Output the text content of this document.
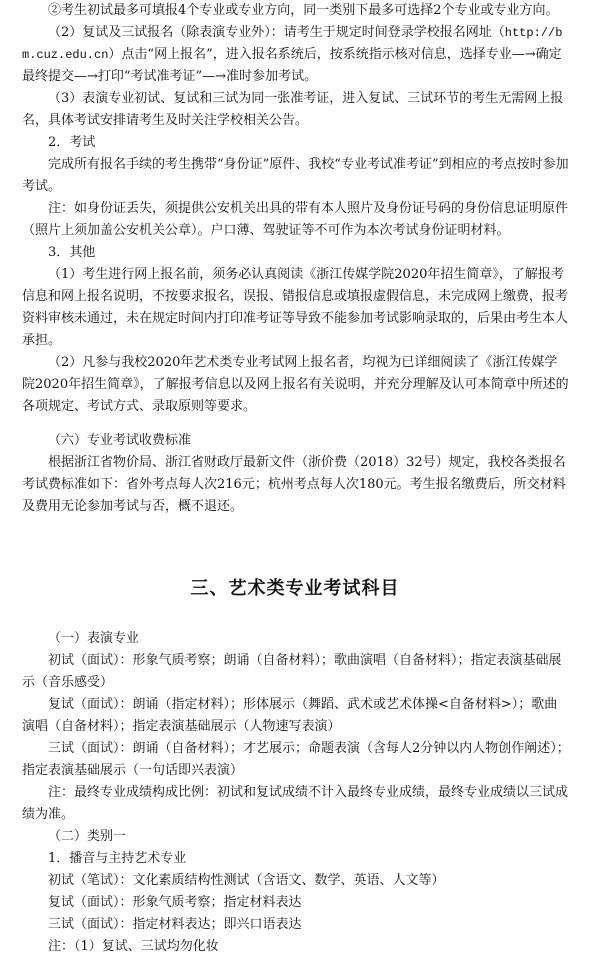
②考生初试最多可填报4个专业或专业方向，同一类别下最多可选择2个专业或专业方向。

（2）复试及三试报名（除表演专业外）：请考生于规定时间登录学校报名网址（http://bm.cuz.edu.cn）点击“网上报名”，进入报名系统后，按系统指示核对信息，选择专业—→确定最终提交—→打印“考试准考证”—→准时参加考试。

（3）表演专业初试、复试和三试为同一张准考证，进入复试、三试环节的考生无需网上报名，具体考试安排请考生及时关注学校相关公告。

2．考试

完成所有报名手续的考生携带“身份证”原件、我校“专业考试准考证”到相应的考点按时参加考试。

注：如身份证丢失，须提供公安机关出具的带有本人照片及身份证号码的身份信息证明原件（照片上须加盖公安机关公章）。户口薄、驾驶证等不可作为本次考试身份证明材料。

3．其他

（1）考生进行网上报名前，须务必认真阅读《浙江传媒学院2020年招生简章》，了解报考信息和网上报名说明，不按要求报名，误报、错报信息或填报虚假信息，未完成网上缴费，报考资料审核未通过，未在规定时间内打印准考证等导致不能参加考试影响录取的，后果由考生本人承担。

（2）凡参与我校2020年艺术类专业考试网上报名者，均视为已详细阅读了《浙江传媒学院2020年招生简章》，了解报考信息以及网上报名有关说明，并充分理解及认可本简章中所述的各项规定、考试方式、录取原则等要求。

（六）专业考试收费标准

根据浙江省物价局、浙江省财政厅最新文件（浙价费（2018）32号）规定，我校各类报名考试费标准如下：省外考点每人次216元；杭州考点每人次180元。考生报名缴费后，所交材料及费用无论参加考试与否，概不退还。

三、艺术类专业考试科目

（一）表演专业

初试（面试）：形象气质考察；朗诵（自备材料）；歌曲演唱（自备材料）；指定表演基础展示（音乐感受）

复试（面试）：朗诵（指定材料）；形体展示（舞蹈、武术或艺术体操<自备材料>）；歌曲演唱（自备材料）；指定表演基础展示（人物速写表演）

三试（面试）：朗诵（自备材料）；才艺展示；命题表演（含每人2分钟以内人物创作阐述）；指定表演基础展示（一句话即兴表演）

注：最终专业成绩构成比例：初试和复试成绩不计入最终专业成绩，最终专业成绩以三试成绩为准。

（二）类别一

1．播音与主持艺术专业

初试（笔试）：文化素质结构性测试（含语文、数学、英语、人文等）

复试（面试）：形象气质考察；指定材料表达

三试（面试）：指定材料表达；即兴口语表达

注：（1）复试、三试均勿化妆
